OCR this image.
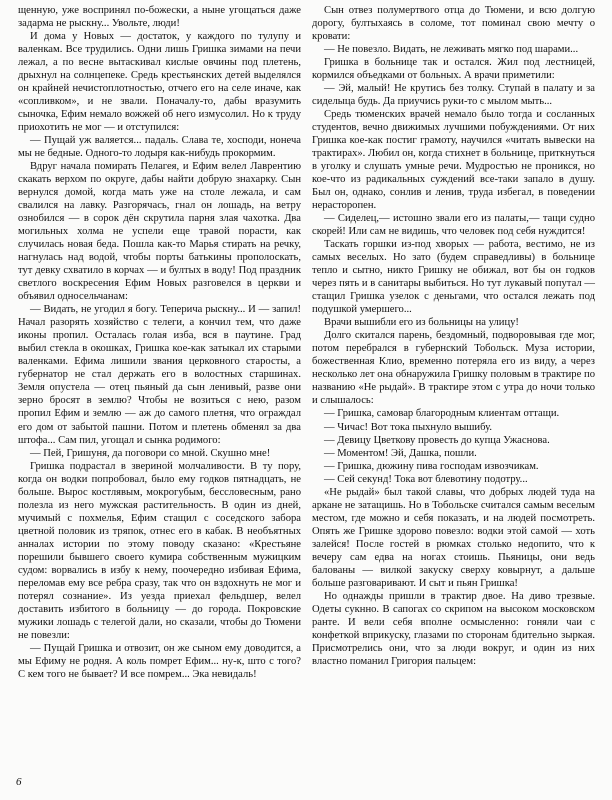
щенную, уже воспринял по-божески, а ныне угощаться даже задарма не рыскну... Увольте, люди!

И дома у Новых — достаток, у каждого по тулупу и валенкам. Все трудились. Одни лишь Гришка зимами на печи лежал, а по весне вытаскивал кислые овчины под плетень, дрыхнул на солнцепеке. Средь крестьянских детей выделялся он крайней нечистоплотностью, отчего его на селе иначе, как «сопливком», и не звали. Поначалу-то, дабы вразумить сыночка, Ефим немало вожжей об него измусолил. Но к труду приохотить не мог — и отступился:

— Пущай уж валяется... падаль. Слава те, хосподи, нонеча мы не бедные. Одного-то лодыря как-нибудь прокормим.

Вдруг начала помирать Пелагея, и Ефим велел Лаврентию скакать верхом по округе, дабы найти добрую знахарку. Сын вернулся домой, когда мать уже на столе лежала, и сам свалился на лавку. Разгорячась, гнал он лошадь, на ветру ознобился — в сорок дён скрутила парня злая чахотка. Два могильных холма не успели еще травой порасти, как случилась новая беда. Пошла как-то Марья стирать на речку, нагнулась над водой, чтобы порты батькины прополоскать, тут девку схватило в корчах — и бултых в воду! Под праздник светлого воскресения Ефим Новых разговелся в церкви и объявил односельчанам:

— Видать, не угодил я богу. Теперича рыскну... И — запил! Начал разорять хозяйство с телеги, а кончил тем, что даже иконы пропил. Осталась голая изба, вся в паутине. Град выбил стекла в окошках, Гришка кое-как затыкал их старыми валенками. Ефима лишили звания церковного старосты, а губернатор не стал держать его в волостных старшинах. Земля опустела — отец пьяный да сын ленивый, разве они зерно бросят в землю? Чтобы не возиться с нею, разом пропил Ефим и землю — аж до самого плетня, что ограждал его дом от забытой пашни. Потом и плетень обменял за два штофа... Сам пил, угощал и сынка родимого:

— Пей, Гришуня, да поговори со мной. Скушно мне!

Гришка подрастал в звериной молчаливости. В ту пору, когда он водки попробовал, было ему годков пятнадцать, не больше. Вырос костлявым, мокрогубым, бессловесным, рано полезла из него мужская растительность. В один из дней, мучимый с похмелья, Ефим стащил с соседского забора цветной половик из тряпок, отнес его в кабак. В необъятных анналах истории по этому поводу сказано: «Крестьяне порешили бывшего своего кумира собственным мужицким судом: ворвались в избу к нему, поочередно избивая Ефима, переломав ему все ребра сразу, так что он вздохнуть не мог и потерял сознание». Из уезда приехал фельдшер, велел доставить избитого в больницу — до города. Покровские мужики лошадь с телегой дали, но сказали, чтобы до Тюмени не повезли:

— Пущай Гришка и отвозит, он же сыном ему доводится, а мы Ефиму не родня. А коль помрет Ефим... ну-к, што с того? С кем того не бывает? И все помрем... Эка невидаль!

Сын отвез полумертвого отца до Тюмени, и всю долгую дорогу, бултыхаясь в соломе, тот поминал свою мечту о кровати:

— Не повезло. Видать, не леживать мягко под шарами...

Гришка в больнице так и остался. Жил под лестницей, кормился объедками от больных. А врачи приметили:

— Эй, малый! Не крутись без толку. Ступай в палату и за сиделыца будь. Да приучись руки-то с мылом мыть...

Средь тюменских врачей немало было тогда и сосланных студентов, вечно движимых лучшими побуждениями. От них Гришка кое-как постиг грамоту, научился «читать вывески на трактирах». Любил он, когда стихнет в больнице, приткнуться в уголку и слушать умные речи. Мудростью не проникся, но кое-что из радикальных суждений все-таки запало в душу. Был он, однако, сонлив и ленив, труда избегал, в поведении нерасторопен.

— Сиделец,— истошно звали его из палаты,— тащи судно скорей! Или сам не видишь, что человек под себя нуждится!

Таскать горшки из-под хворых — работа, вестимо, не из самых веселых. Но зато (будем справедливы) в больнице тепло и сытно, никто Гришку не обижал, вот бы он годков через пять и в санитары выбиться. Но тут лукавый попутал — стащил Гришка узелок с деньгами, что остался лежать под подушкой умершего...

Врачи вышибли его из больницы на улицу!

Долго скитался парень, бездомный, подворовывая где мог, потом перебрался в губернский Тобольск. Муза истории, божественная Клио, временно потеряла его из виду, а через несколько лет она обнаружила Гришку половым в трактире по названию «Не рыдай». В трактире этом с утра до ночи только и слышалось:

— Гришка, самовар благородным клиентам оттащи.

— Чичас! Вот тока пыхнуло вышибу.

— Девицу Цветкову провесть до купца Ужаснова.

— Моментом! Эй, Дашка, пошли.

— Гришка, дюжину пива господам извозчикам.

— Сей секунд! Тока вот блевотину подотру...

«Не рыдай» был такой славы, что добрых людей туда на аркане не затащишь. Но в Тобольске считался самым веселым местом, где можно и себя показать, и на людей посмотреть. Опять же Гришке здорово повезло: водки этой самой — хоть залейся! После гостей в рюмках столько недопито, что к вечеру сам едва на ногах стоишь. Пьяницы, они ведь балованы — вилкой закуску сверху ковырнут, а дальше больше разговаривают. И сыт и пьян Гришка!

Но однажды пришли в трактир двое. На диво трезвые. Одеты сукнно. В сапогах со скрипом на высоком московском ранте. И вели себя вполне осмысленно: гоняли чаи с конфеткой вприкуску, глазами по сторонам бдительно зыркая. Присмотрелись они, что за люди вокруг, и один из них властно поманил Григория пальцем:

6
